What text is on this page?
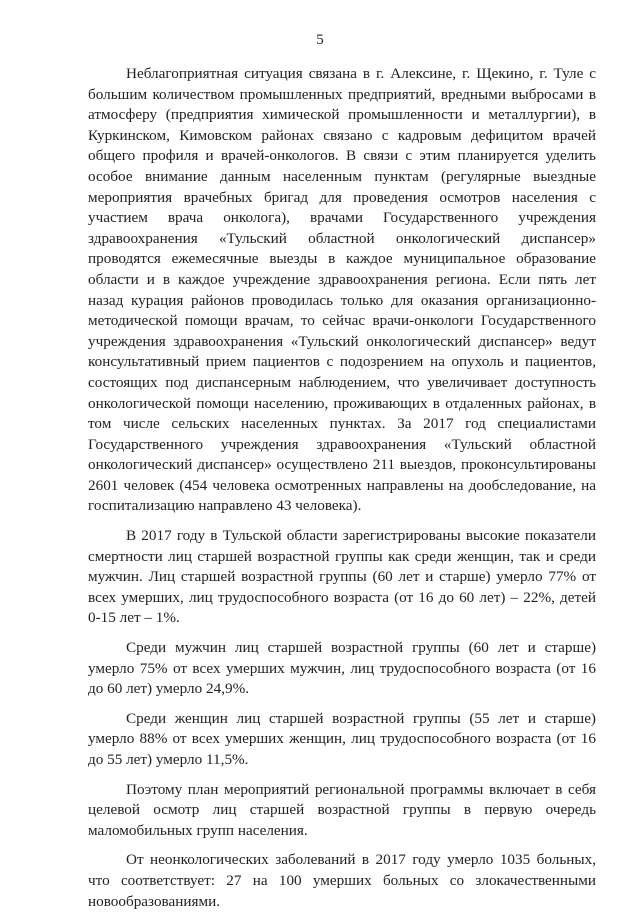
5

Неблагоприятная ситуация связана в г. Алексине, г. Щекино, г. Туле с большим количеством промышленных предприятий, вредными выбросами в атмосферу (предприятия химической промышленности и металлургии), в Куркинском, Кимовском районах связано с кадровым дефицитом врачей общего профиля и врачей-онкологов. В связи с этим планируется уделить особое внимание данным населенным пунктам (регулярные выездные мероприятия врачебных бригад для проведения осмотров населения с участием врача онколога), врачами Государственного учреждения здравоохранения «Тульский областной онкологический диспансер» проводятся ежемесячные выезды в каждое муниципальное образование области и в каждое учреждение здравоохранения региона. Если пять лет назад курация районов проводилась только для оказания организационно-методической помощи врачам, то сейчас врачи-онкологи Государственного учреждения здравоохранения «Тульский онкологический диспансер» ведут консультативный прием пациентов с подозрением на опухоль и пациентов, состоящих под диспансерным наблюдением, что увеличивает доступность онкологической помощи населению, проживающих в отдаленных районах, в том числе сельских населенных пунктах. За 2017 год специалистами Государственного учреждения здравоохранения «Тульский областной онкологический диспансер» осуществлено 211 выездов, проконсультированы 2601 человек (454 человека осмотренных направлены на дообследование, на госпитализацию направлено 43 человека).

В 2017 году в Тульской области зарегистрированы высокие показатели смертности лиц старшей возрастной группы как среди женщин, так и среди мужчин. Лиц старшей возрастной группы (60 лет и старше) умерло 77% от всех умерших, лиц трудоспособного возраста (от 16 до 60 лет) – 22%, детей 0-15 лет – 1%.

Среди мужчин лиц старшей возрастной группы (60 лет и старше) умерло 75% от всех умерших мужчин, лиц трудоспособного возраста (от 16 до 60 лет) умерло 24,9%.

Среди женщин лиц старшей возрастной группы (55 лет и старше) умерло 88% от всех умерших женщин, лиц трудоспособного возраста (от 16 до 55 лет) умерло 11,5%.

Поэтому план мероприятий региональной программы включает в себя целевой осмотр лиц старшей возрастной группы в первую очередь маломобильных групп населения.

От неонкологических заболеваний в 2017 году умерло 1035 больных, что соответствует: 27 на 100 умерших больных со злокачественными новообразованиями.
